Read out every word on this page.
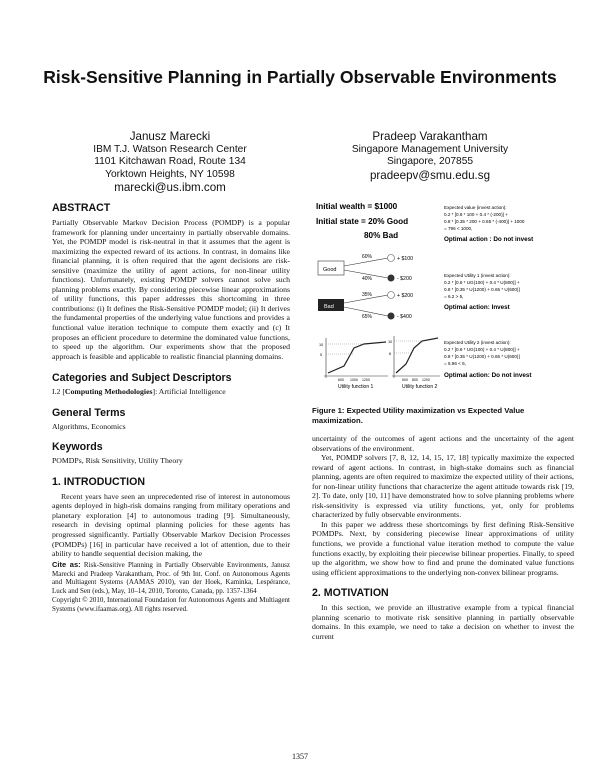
Risk-Sensitive Planning in Partially Observable Environments
Janusz Marecki
IBM T.J. Watson Research Center
1101 Kitchawan Road, Route 134
Yorktown Heights, NY 10598
marecki@us.ibm.com
Pradeep Varakantham
Singapore Management University
Singapore, 207855
pradeepv@smu.edu.sg
ABSTRACT
Partially Observable Markov Decision Process (POMDP) is a popular framework for planning under uncertainty in partially observable domains. Yet, the POMDP model is risk-neutral in that it assumes that the agent is maximizing the expected reward of its actions. In contrast, in domains like financial planning, it is often required that the agent decisions are risk-sensitive (maximize the utility of agent actions, for non-linear utility functions). Unfortunately, existing POMDP solvers cannot solve such planning problems exactly. By considering piecewise linear approximations of utility functions, this paper addresses this shortcoming in three contributions: (i) It defines the Risk-Sensitive POMDP model; (ii) It derives the fundamental properties of the underlying value functions and provides a functional value iteration technique to compute them exactly and (c) It proposes an efficient procedure to determine the dominated value functions, to speed up the algorithm. Our experiments show that the proposed approach is feasible and applicable to realistic financial planning domains.
Categories and Subject Descriptors
I.2 [Computing Methodologies]: Artificial Intelligence
General Terms
Algorithms, Economics
Keywords
POMDPs, Risk Sensitivity, Utility Theory
1. INTRODUCTION

Recent years have seen an unprecedented rise of interest in autonomous agents deployed in high-risk domains ranging from military operations and planetary exploration [4] to autonomous trading [9]. Simultaneously, research in devising optimal planning policies for these agents has progressed significantly. Partially Observable Markov Decision Processes (POMDPs) [16] in particular have received a lot of attention, due to their ability to handle sequential decision making, the

Cite as: Risk-Sensitive Planning in Partially Observable Environments, Janusz Marecki and Pradeep Varakantham, Proc. of 9th Int. Conf. on Autonomous Agents and Multiagent Systems (AAMAS 2010), van der Hoek, Kaminka, Lespérance, Luck and Sen (eds.), May, 10–14, 2010, Toronto, Canada, pp. 1357-1364

Copyright © 2010, International Foundation for Autonomous Agents and Multiagent Systems (www.ifaamas.org). All rights reserved.

Initial wealth = $1000
Initial state = 20% Good
80% Bad
Good
Bad
60%
40%
+ $100
- $200
35%
65%
+ $200
- $400
10
5
600 1000 1200
Utility function 1
10
6
500 800 1200
Utility function 2
Expected value (invest action):
0.2 * [0.6 * 100 + 0.4 * (-200)] +
0.8 * [0.35 * 200 + 0.65 * (-400)] + 1000
= 796 < 1000,
Optimal action : Do not invest
Expected Utility 1 (invest action):
0.2 * [0.6 * UG(100) + 0.4 * U(800)] +
0.8 * [0.35 * U(1200) + 0.65 * U(600)]
= 6.2 > 5,
Optimal action: Invest
Expected Utility 2 (invest action):
0.2 * [0.6 * UG(100) + 0.4 * U(800)] +
0.8 * [0.35 * U(1200) + 0.65 * U(600)]
= 5.96 < 6,
Optimal action: Do not invest
Figure 1: Expected Utility maximization vs Expected Value maximization.

uncertainty of the outcomes of agent actions and the uncertainty of the agent observations of the environment.

Yet, POMDP solvers [7, 8, 12, 14, 15, 17, 18] typically maximize the expected reward of agent actions. In contrast, in high-stake domains such as financial planning, agents are often required to maximize the expected utility of their actions, for non-linear utility functions that characterize the agent attitude towards risk [19, 2]. To date, only [10, 11] have demonstrated how to solve planning problems where risk-sensitivity is expressed via utility functions, yet, only for problems characterized by fully observable environments.

In this paper we address these shortcomings by first defining Risk-Sensitive POMDPs. Next, by considering piecewise linear approximations of utility functions, we provide a functional value iteration method to compute the value functions exactly, by exploiting their piecewise bilinear properties. Finally, to speed up the algorithm, we show how to find and prune the dominated value functions using efficient approximations to the underlying non-convex bilinear programs.

2. MOTIVATION

In this section, we provide an illustrative example from a typical financial planning scenario to motivate risk sensitive planning in partially observable domains. In this example, we need to take a decision on whether to invest the current

1357
